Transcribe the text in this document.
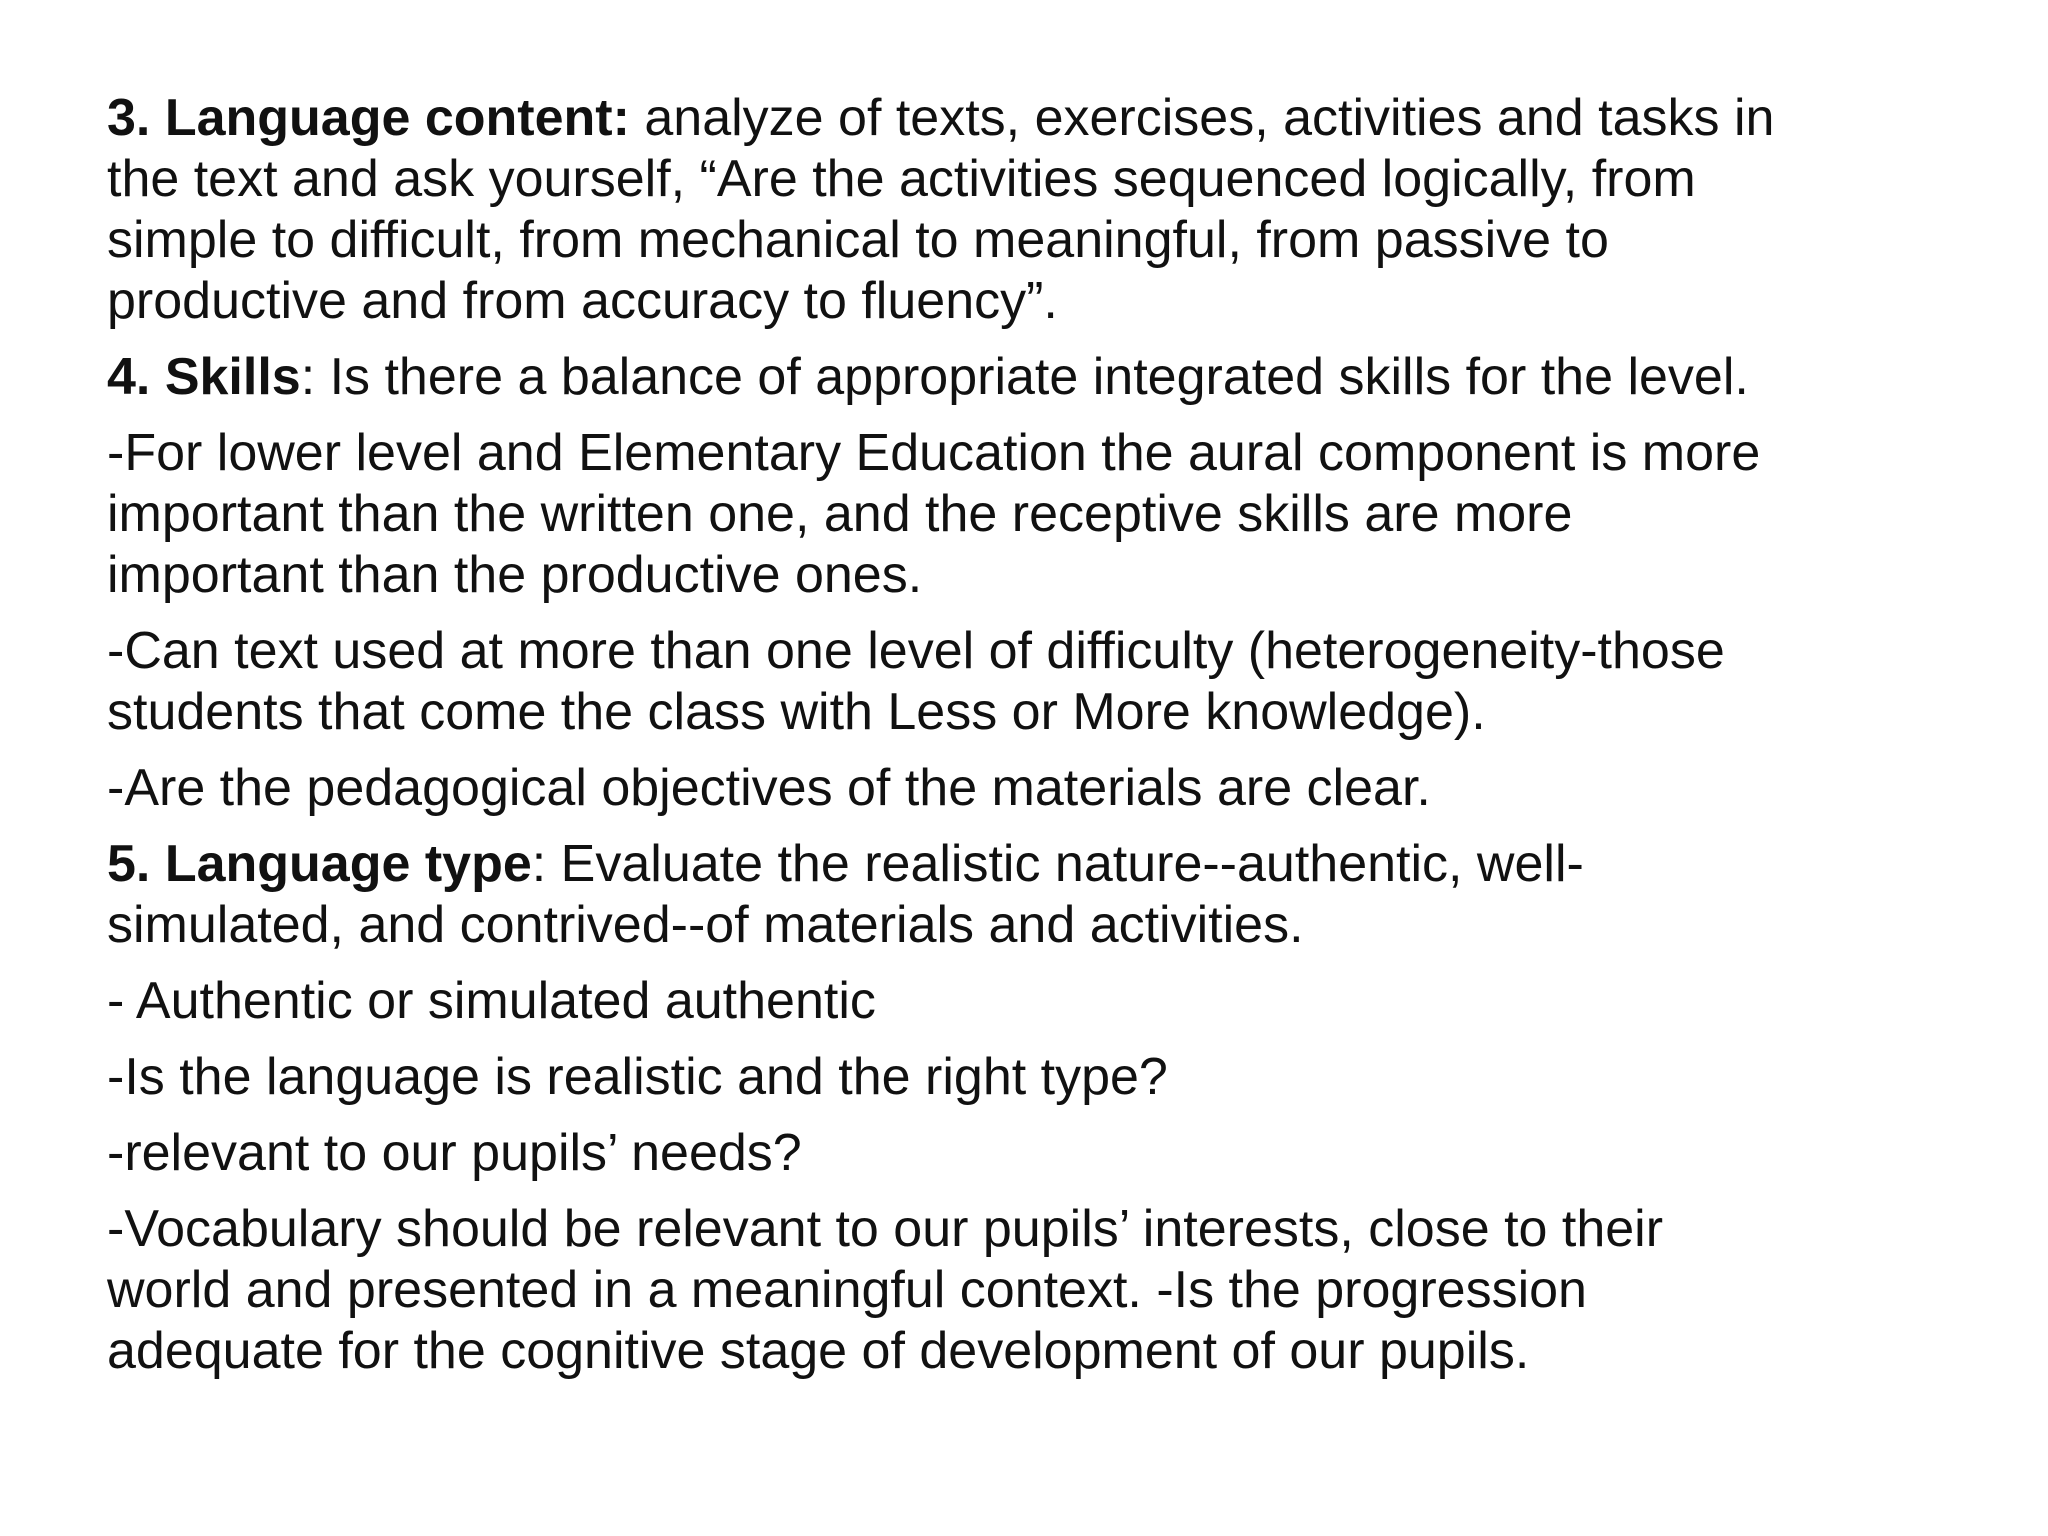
3. Language content: analyze of texts, exercises, activities and tasks in
the text and ask yourself, “Are the activities sequenced logically, from
simple to difficult, from mechanical to meaningful, from passive to
productive and from accuracy to fluency”.
4. Skills: Is there a balance of appropriate integrated skills for the level.
-For lower level and Elementary Education the aural component is more
important than the written one, and the receptive skills are more
important than the productive ones.
-Can text used at more than one level of difficulty (heterogeneity-those
students that come the class with Less or More knowledge).
-Are the pedagogical objectives of the materials are clear.
5. Language type: Evaluate the realistic nature--authentic, well-
simulated, and contrived--of materials and activities.
- Authentic or simulated authentic
-Is the language is realistic and the right type?
-relevant to our pupils’ needs?
-Vocabulary should be relevant to our pupils’ interests, close to their
world and presented in a meaningful context. -Is the progression
adequate for the cognitive stage of development of our pupils.
